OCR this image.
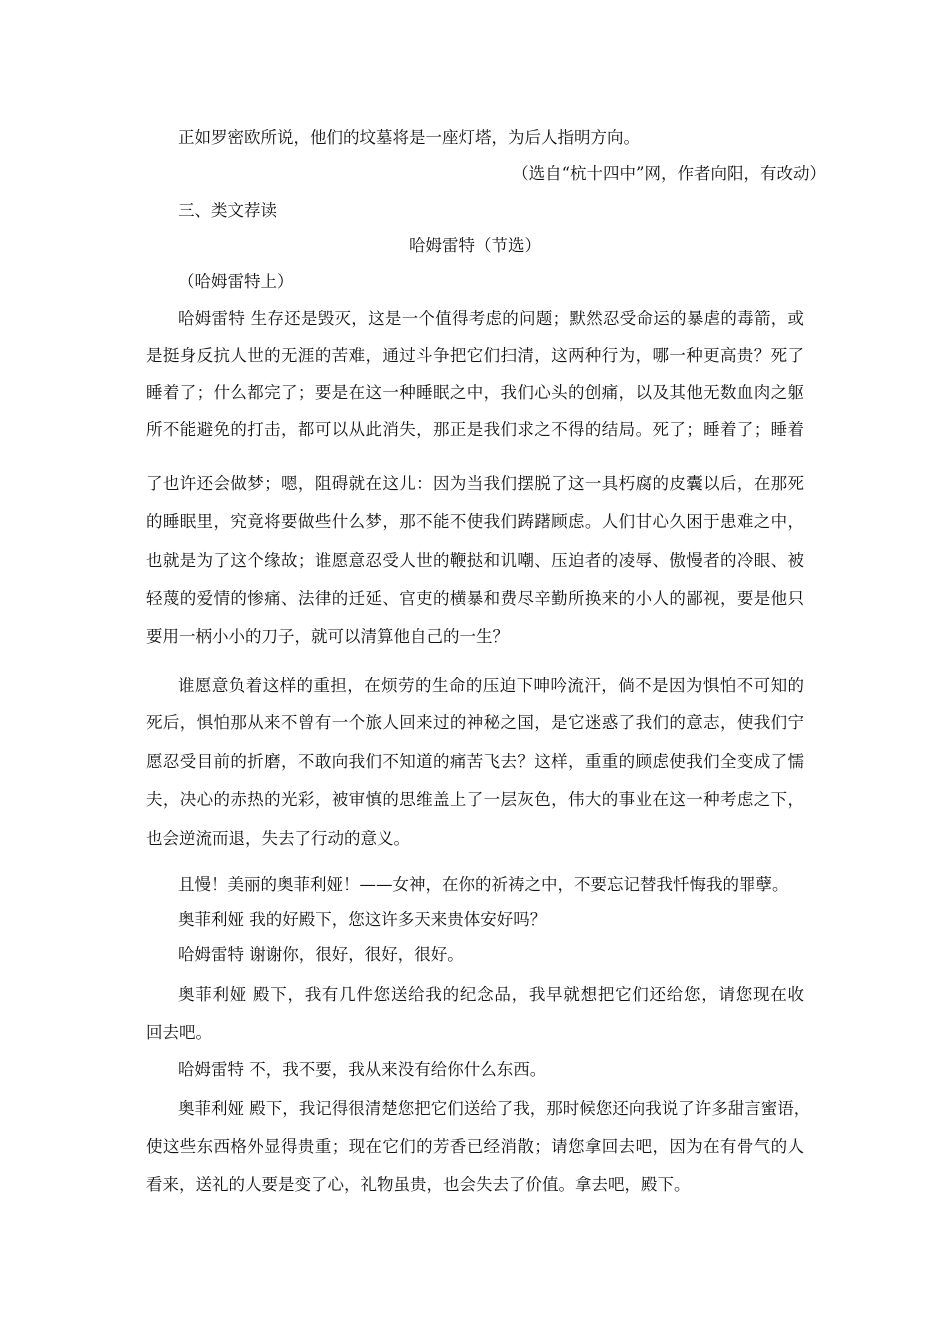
正如罗密欧所说，他们的坟墓将是一座灯塔，为后人指明方向。
（选自“杭十四中”网，作者向阳，有改动）
三、类文荐读
哈姆雷特（节选）
（哈姆雷特上）
哈姆雷特 生存还是毁灭，这是一个值得考虑的问题；默然忍受命运的暴虐的毒箭，或
是挺身反抗人世的无涯的苦难，通过斗争把它们扫清，这两种行为，哪一种更高贵？死了
睡着了；什么都完了；要是在这一种睡眠之中，我们心头的创痛，以及其他无数血肉之躯
所不能避免的打击，都可以从此消失，那正是我们求之不得的结局。死了；睡着了；睡着
了也许还会做梦；嗯，阻碍就在这儿：因为当我们摆脱了这一具朽腐的皮囊以后，在那死
的睡眠里，究竟将要做些什么梦，那不能不使我们踌躇顾虑。人们甘心久困于患难之中，
也就是为了这个缘故；谁愿意忍受人世的鞭挞和讥嘲、压迫者的凌辱、傲慢者的冷眼、被
轻蔑的爱情的惨痛、法律的迁延、官吏的横暴和费尽辛勤所换来的小人的鄙视，要是他只
要用一柄小小的刀子，就可以清算他自己的一生？
谁愿意负着这样的重担，在烦劳的生命的压迫下呻吟流汗，倘不是因为惧怕不可知的
死后，惧怕那从来不曾有一个旅人回来过的神秘之国，是它迷惑了我们的意志，使我们宁
愿忍受目前的折磨，不敢向我们不知道的痛苦飞去？这样，重重的顾虑使我们全变成了懦
夫，决心的赤热的光彩，被审慎的思维盖上了一层灰色，伟大的事业在这一种考虑之下，
也会逆流而退，失去了行动的意义。
且慢！美丽的奥菲利娅！——女神，在你的祈祷之中，不要忘记替我忏悔我的罪孽。
奥菲利娅 我的好殿下，您这许多天来贵体安好吗？
哈姆雷特 谢谢你，很好，很好，很好。
奥菲利娅 殿下，我有几件您送给我的纪念品，我早就想把它们还给您，请您现在收
回去吧。
哈姆雷特 不，我不要，我从来没有给你什么东西。
奥菲利娅 殿下，我记得很清楚您把它们送给了我，那时候您还向我说了许多甜言蜜语，
使这些东西格外显得贵重；现在它们的芳香已经消散；请您拿回去吧，因为在有骨气的人
看来，送礼的人要是变了心，礼物虽贵，也会失去了价值。拿去吧，殿下。
